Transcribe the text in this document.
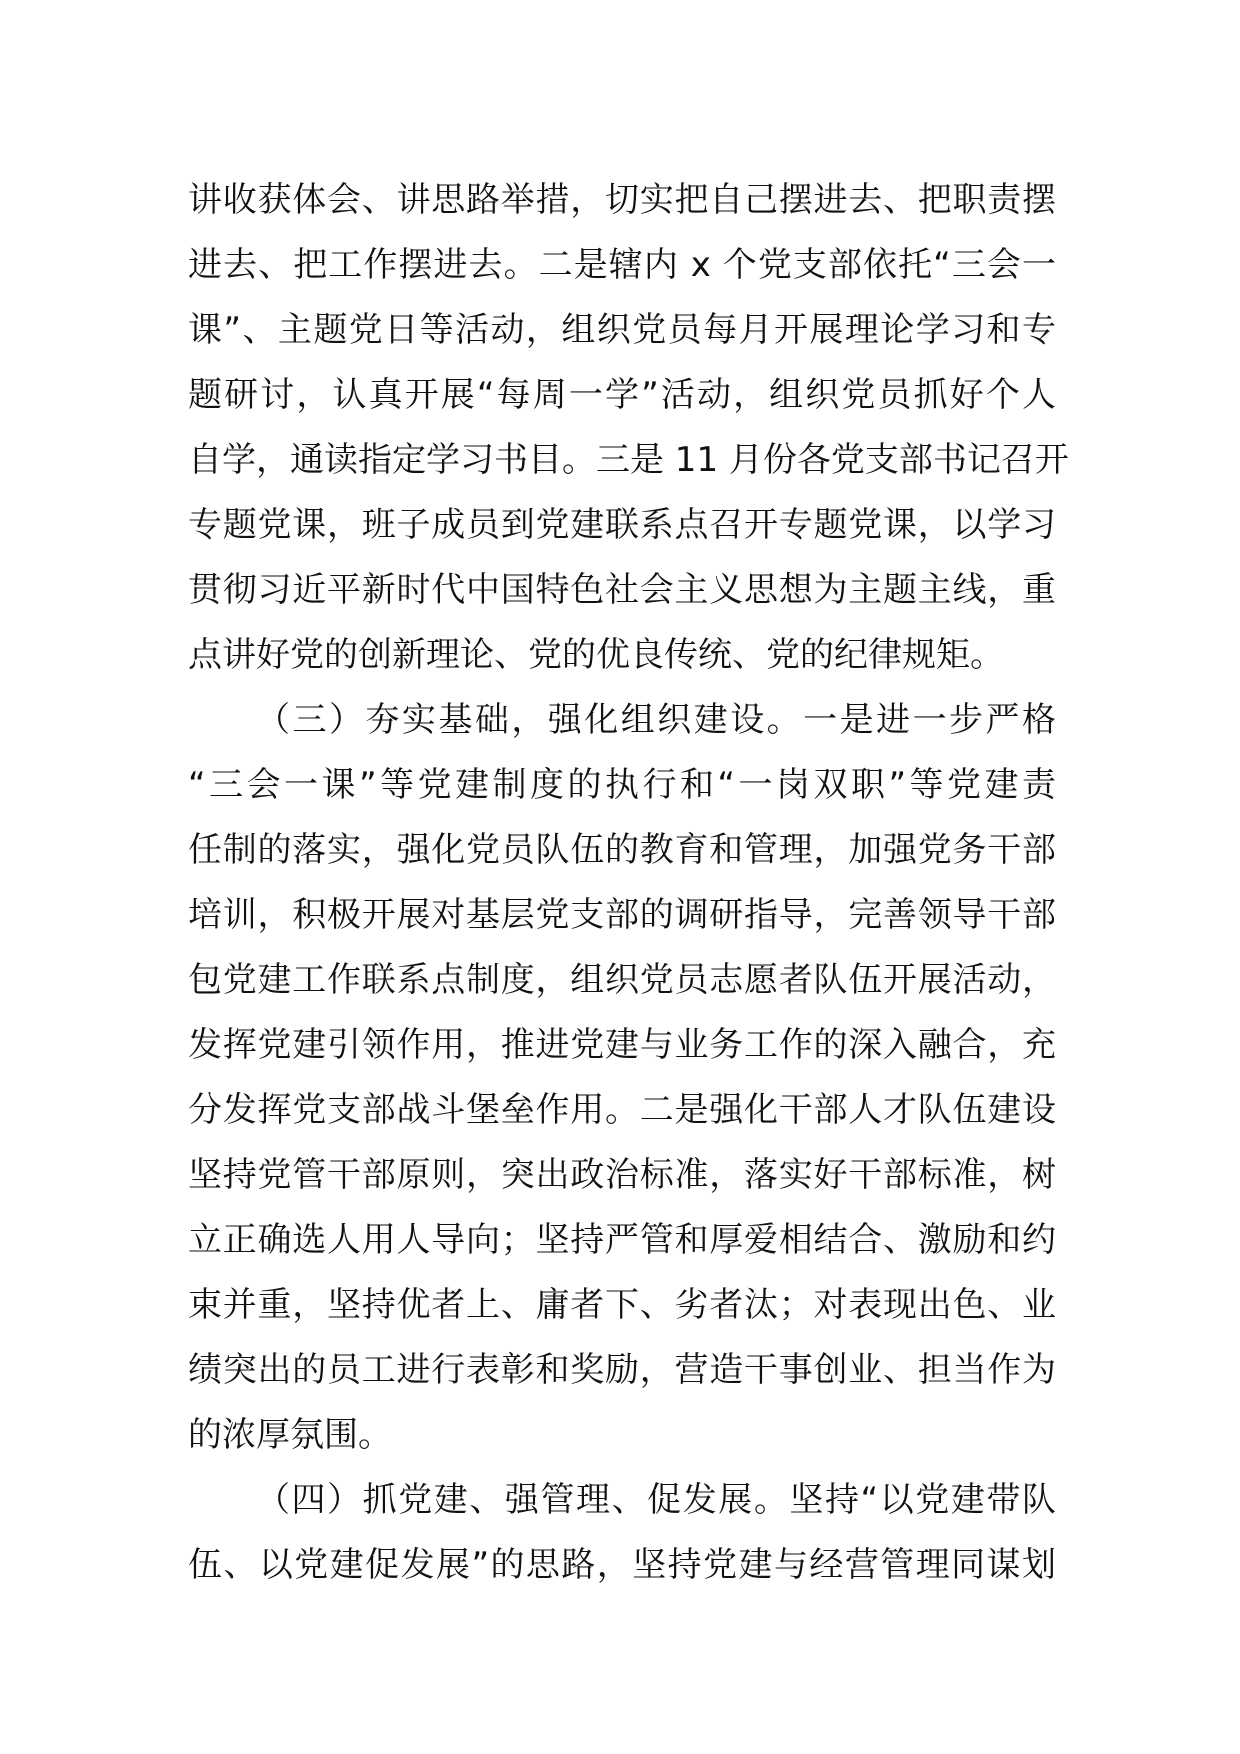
讲收获体会、讲思路举措，切实把自己摆进去、把职责摆
进去、把工作摆进去。二是辖内 x 个党支部依托“三会一
课”、主题党日等活动，组织党员每月开展理论学习和专
题研讨，认真开展“每周一学”活动，组织党员抓好个人
自学，通读指定学习书目。三是 11 月份各党支部书记召开
专题党课，班子成员到党建联系点召开专题党课，以学习
贯彻习近平新时代中国特色社会主义思想为主题主线，重
点讲好党的创新理论、党的优良传统、党的纪律规矩。
（三）夯实基础，强化组织建设。一是进一步严格
“三会一课”等党建制度的执行和“一岗双职”等党建责
任制的落实，强化党员队伍的教育和管理，加强党务干部
培训，积极开展对基层党支部的调研指导，完善领导干部
包党建工作联系点制度，组织党员志愿者队伍开展活动，
发挥党建引领作用，推进党建与业务工作的深入融合，充
分发挥党支部战斗堡垒作用。二是强化干部人才队伍建设
坚持党管干部原则，突出政治标准，落实好干部标准，树
立正确选人用人导向；坚持严管和厚爱相结合、激励和约
束并重，坚持优者上、庸者下、劣者汰；对表现出色、业
绩突出的员工进行表彰和奖励，营造干事创业、担当作为
的浓厚氛围。
（四）抓党建、强管理、促发展。坚持“以党建带队
伍、以党建促发展”的思路，坚持党建与经营管理同谋划
